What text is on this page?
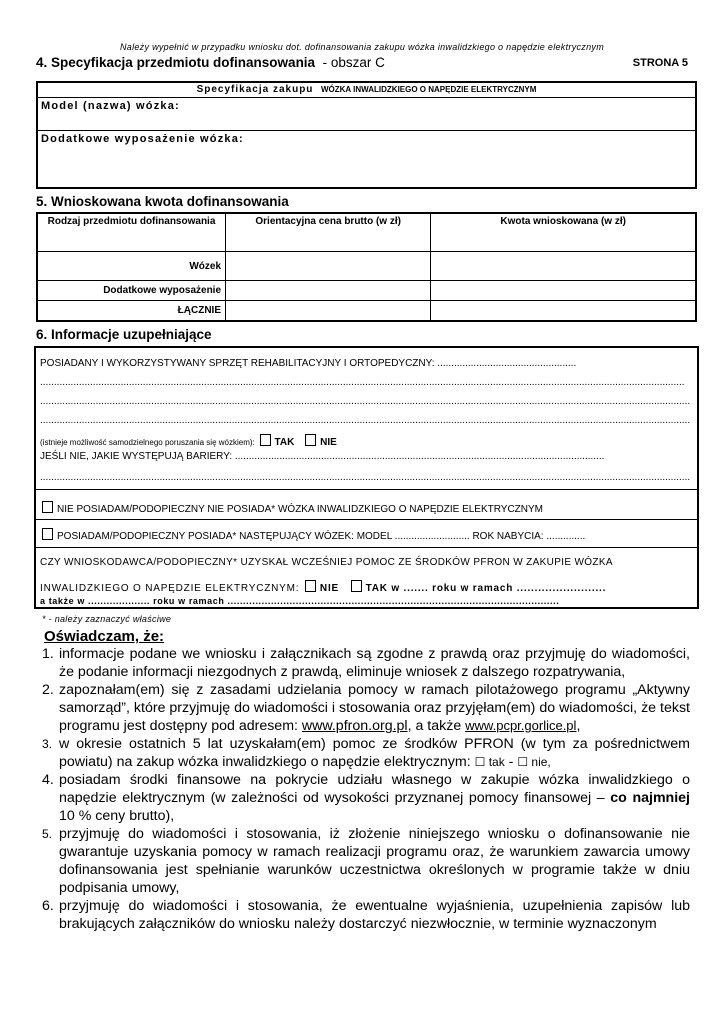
Należy wypełnić w przypadku wniosku dot. dofinansowania zakupu wózka inwalidzkiego o napędzie elektrycznym
4. Specyfikacja przedmiotu dofinansowania - obszar C	STRONA 5
Specyfikacja zakupu WÓZKA INWALIDZKIEGO O NAPĘDZIE ELEKTRYCZNYM
Model (nazwa) wózka:
Dodatkowe wyposażenie wózka:
5. Wnioskowana kwota dofinansowania
Rodzaj przedmiotu dofinansowania	Orientacyjna cena brutto (w zł)	Kwota wnioskowana (w zł)
Wózek		
Dodatkowe wyposażenie		
ŁĄCZNIE		
6. Informacje uzupełniające
POSIADANY I WYKORZYSTYWANY SPRZĘT REHABILITACYJNY I ORTOPEDYCZNY: ..................................................
........................................................................................................................................................................................................................................
..........................................................................................................................................................................................................................................
..........................................................................................................................................................................................................................................
(istnieje możliwość samodzielnego poruszania się wózkiem): TAK	NIE
JEŚLI NIE, JAKIE WYSTĘPUJĄ BARIERY: .....................................................................................................................................
..........................................................................................................................................................................................................................................
NIE POSIADAM/PODOPIECZNY NIE POSIADA* WÓZKA INWALIDZKIEGO O NAPĘDZIE ELEKTRYCZNYM
POSIADAM/PODOPIECZNY POSIADA* NASTĘPUJĄCY WÓZEK: MODEL ........................... ROK NABYCIA: ..............
CZY WNIOSKODAWCA/PODOPIECZNY* UZYSKAŁ WCZEŚNIEJ POMOC ZE ŚRODKÓW PFRON W ZAKUPIE WÓZKA
INWALIDZKIEGO O NAPĘDZIE ELEKTRYCZNYM: NIE	TAK w ....... roku w ramach .........................
a także w .................... roku w ramach ...........................................................................................................
* - należy zaznaczyć właściwe
Oświadczam, że:
1. informacje podane we wniosku i załącznikach są zgodne z prawdą oraz przyjmuję do wiadomości, że podanie informacji niezgodnych z prawdą, eliminuje wniosek z dalszego rozpatrywania,
2. zapoznałam(em) się z zasadami udzielania pomocy w ramach pilotażowego programu „Aktywny samorząd”, które przyjmuję do wiadomości i stosowania oraz przyjęłam(em) do wiadomości, że tekst programu jest dostępny pod adresem: www.pfron.org.pl, a także www.pcpr.gorlice.pl,
3. w okresie ostatnich 5 lat uzyskałam(em) pomoc ze środków PFRON (w tym za pośrednictwem powiatu) na zakup wózka inwalidzkiego o napędzie elektrycznym: ☐ tak - ☐ nie,
4. posiadam środki finansowe na pokrycie udziału własnego w zakupie wózka inwalidzkiego o napędzie elektrycznym (w zależności od wysokości przyznanej pomocy finansowej – co najmniej 10 % ceny brutto),
5. przyjmuję do wiadomości i stosowania, iż złożenie niniejszego wniosku o dofinansowanie nie gwarantuje uzyskania pomocy w ramach realizacji programu oraz, że warunkiem zawarcia umowy dofinansowania jest spełnianie warunków uczestnictwa określonych w programie także w dniu podpisania umowy,
6. przyjmuję do wiadomości i stosowania, że ewentualne wyjaśnienia, uzupełnienia zapisów lub brakujących załączników do wniosku należy dostarczyć niezwłocznie, w terminie wyznaczonym
